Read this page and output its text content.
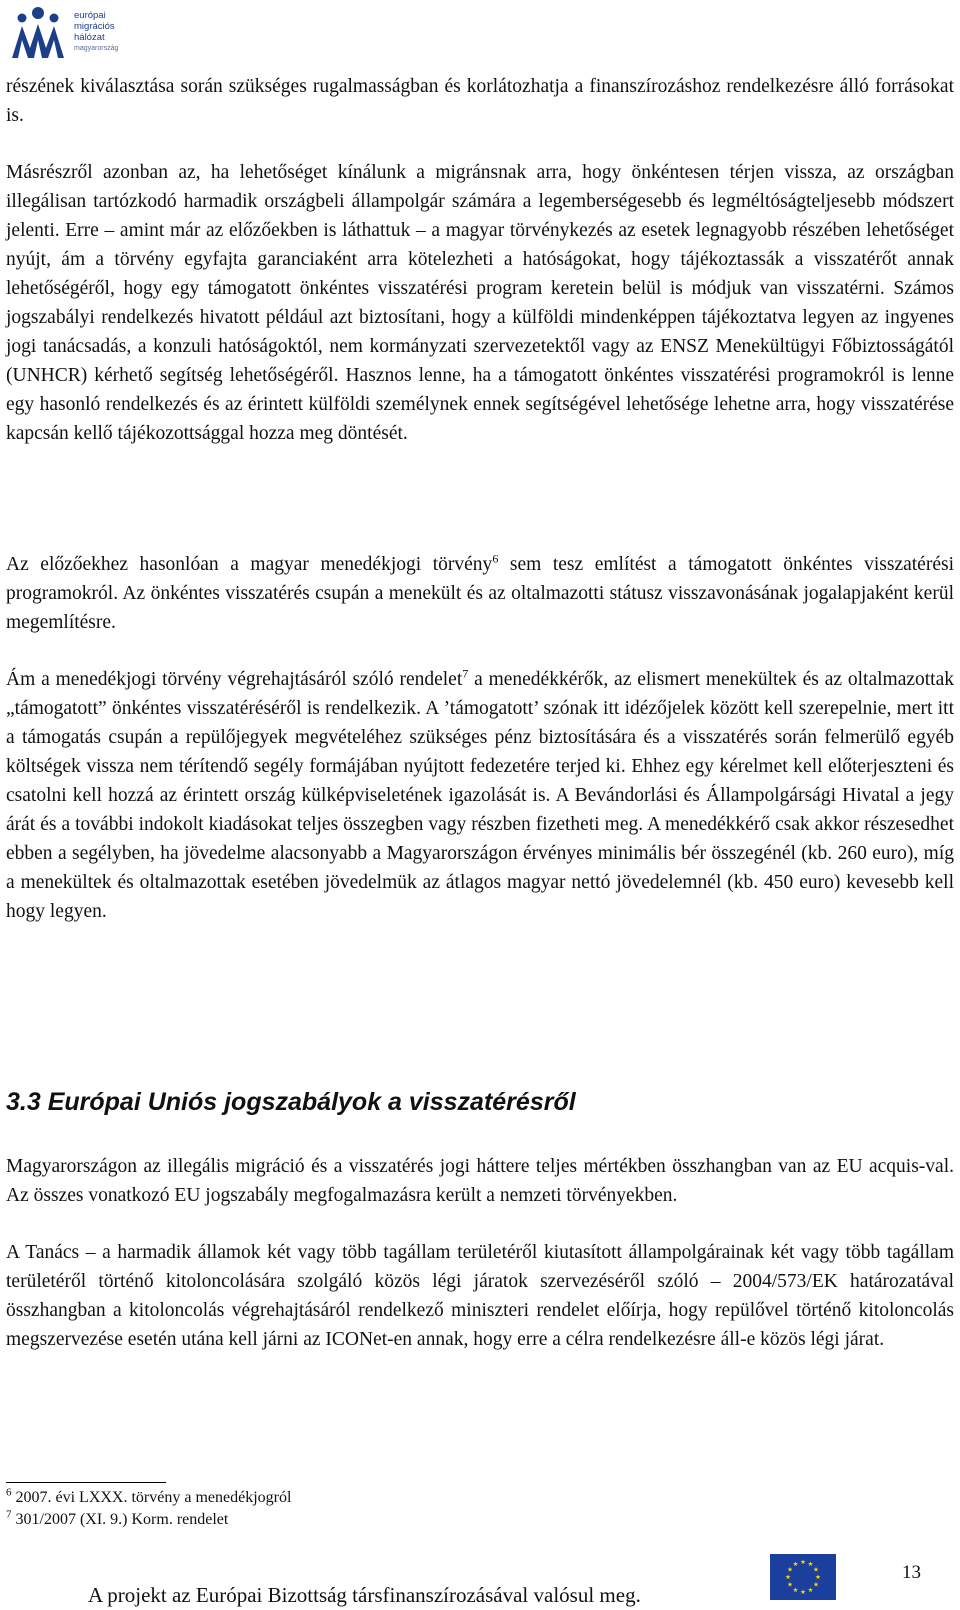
európai
migrációs hálózat
magyarország

részének kiválasztása során szükséges rugalmasságban és korlátozhatja a finanszírozáshoz rendelkezésre álló forrásokat is.

Másrészről azonban az, ha lehetőséget kínálunk a migránsnak arra, hogy önkéntesen térjen vissza, az országban illegálisan tartózkodó harmadik országbeli állampolgár számára a legemberségesebb és legméltóságteljesebb módszert jelenti. Erre – amint már az előzőekben is láthattuk – a magyar törvénykezés az esetek legnagyobb részében lehetőséget nyújt, ám a törvény egyfajta garanciaként arra kötelezheti a hatóságokat, hogy tájékoztassák a visszatérőt annak lehetőségéről, hogy egy támogatott önkéntes visszatérési program keretein belül is módjuk van visszatérni. Számos jogszabályi rendelkezés hivatott például azt biztosítani, hogy a külföldi mindenképpen tájékoztatva legyen az ingyenes jogi tanácsadás, a konzuli hatóságoktól, nem kormányzati szervezetektől vagy az ENSZ Menekültügyi Főbiztosságától (UNHCR) kérhető segítség lehetőségéről. Hasznos lenne, ha a támogatott önkéntes visszatérési programokról is lenne egy hasonló rendelkezés és az érintett külföldi személynek ennek segítségével lehetősége lehetne arra, hogy visszatérése kapcsán kellő tájékozottsággal hozza meg döntését.

Az előzőekhez hasonlóan a magyar menedékjogi törvény$^6$ sem tesz említést a támogatott önkéntes visszatérési programokról. Az önkéntes visszatérés csupán a menekült és az oltalmazotti státusz visszavonásának jogalapjaként kerül megemlítésre.

Ám a menedékjogi törvény végrehajtásáról szóló rendelet$^7$ a menedékkérők, az elismert menekültek és az oltalmazottak „támogatott” önkéntes visszatéréséről is rendelkezik. A ’támogatott’ szónak itt idézőjelek között kell szerepelnie, mert itt a támogatás csupán a repülőjegyek megvételéhez szükséges pénz biztosítására és a visszatérés során felmerülő egyéb költségek vissza nem térítendő segély formájában nyújtott fedezetére terjed ki. Ehhez egy kérelmet kell előterjeszteni és csatolni kell hozzá az érintett ország külképviseletének igazolását is. A Bevándorlási és Állampolgársági Hivatal a jegy árát és a további indokolt kiadásokat teljes összegben vagy részben fizetheti meg. A menedékkérő csak akkor részesedhet ebben a segélyben, ha jövedelme alacsonyabb a Magyarországon érvényes minimális bér összegénél (kb. 260 euro), míg a menekültek és oltalmazottak esetében jövedelmük az átlagos magyar nettó jövedelemnél (kb. 450 euro) kevesebb kell hogy legyen.

3.3 Európai Uniós jogszabályok a visszatérésről

Magyarországon az illegális migráció és a visszatérés jogi háttere teljes mértékben összhangban van az EU acquis-val. Az összes vonatkozó EU jogszabály megfogalmazásra került a nemzeti törvényekben.

A Tanács – a harmadik államok két vagy több tagállam területéről kiutasított állampolgárainak két vagy több tagállam területéről történő kitoloncolására szolgáló közös légi járatok szervezéséről szóló – 2004/573/EK határozatával összhangban a kitoloncolás végrehajtásáról rendelkező miniszteri rendelet előírja, hogy repülővel történő kitoloncolás megszervezése esetén utána kell járni az ICONet-en annak, hogy erre a célra rendelkezésre áll-e közös légi járat.

$^6$ 2007. évi LXXX. törvény a menedékjogról
$^7$ 301/2007 (XI. 9.) Korm. rendelet
A projekt az Európai Bizottság társfinanszírozásával valósul meg.
13
